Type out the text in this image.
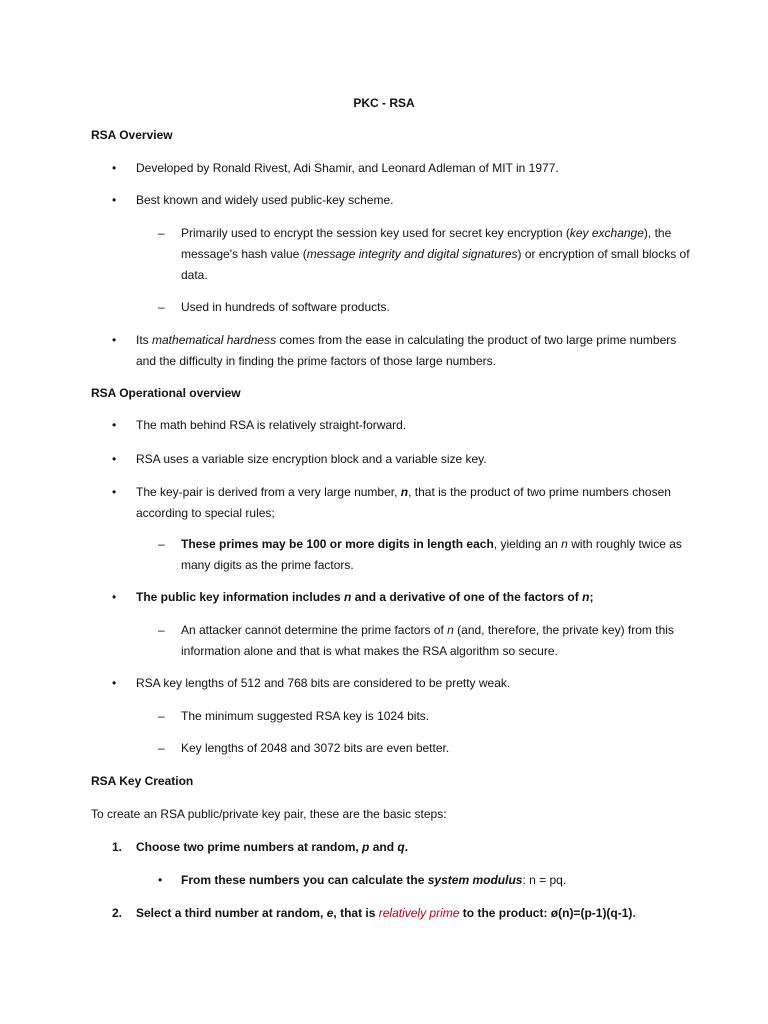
PKC - RSA
RSA Overview
• Developed by Ronald Rivest, Adi Shamir, and Leonard Adleman of MIT in 1977.
• Best known and widely used public-key scheme.
– Primarily used to encrypt the session key used for secret key encryption (key exchange), the message's hash value (message integrity and digital signatures) or encryption of small blocks of data.
– Used in hundreds of software products.
• Its mathematical hardness comes from the ease in calculating the product of two large prime numbers and the difficulty in finding the prime factors of those large numbers.
RSA Operational overview
• The math behind RSA is relatively straight-forward.
• RSA uses a variable size encryption block and a variable size key.
• The key-pair is derived from a very large number, n, that is the product of two prime numbers chosen according to special rules;
– These primes may be 100 or more digits in length each, yielding an n with roughly twice as many digits as the prime factors.
• The public key information includes n and a derivative of one of the factors of n;
– An attacker cannot determine the prime factors of n (and, therefore, the private key) from this information alone and that is what makes the RSA algorithm so secure.
• RSA key lengths of 512 and 768 bits are considered to be pretty weak.
– The minimum suggested RSA key is 1024 bits.
– Key lengths of 2048 and 3072 bits are even better.
RSA Key Creation
To create an RSA public/private key pair, these are the basic steps:
1. Choose two prime numbers at random, p and q.
• From these numbers you can calculate the system modulus: n = pq.
2. Select a third number at random, e, that is relatively prime to the product: ø(n)=(p-1)(q-1).
